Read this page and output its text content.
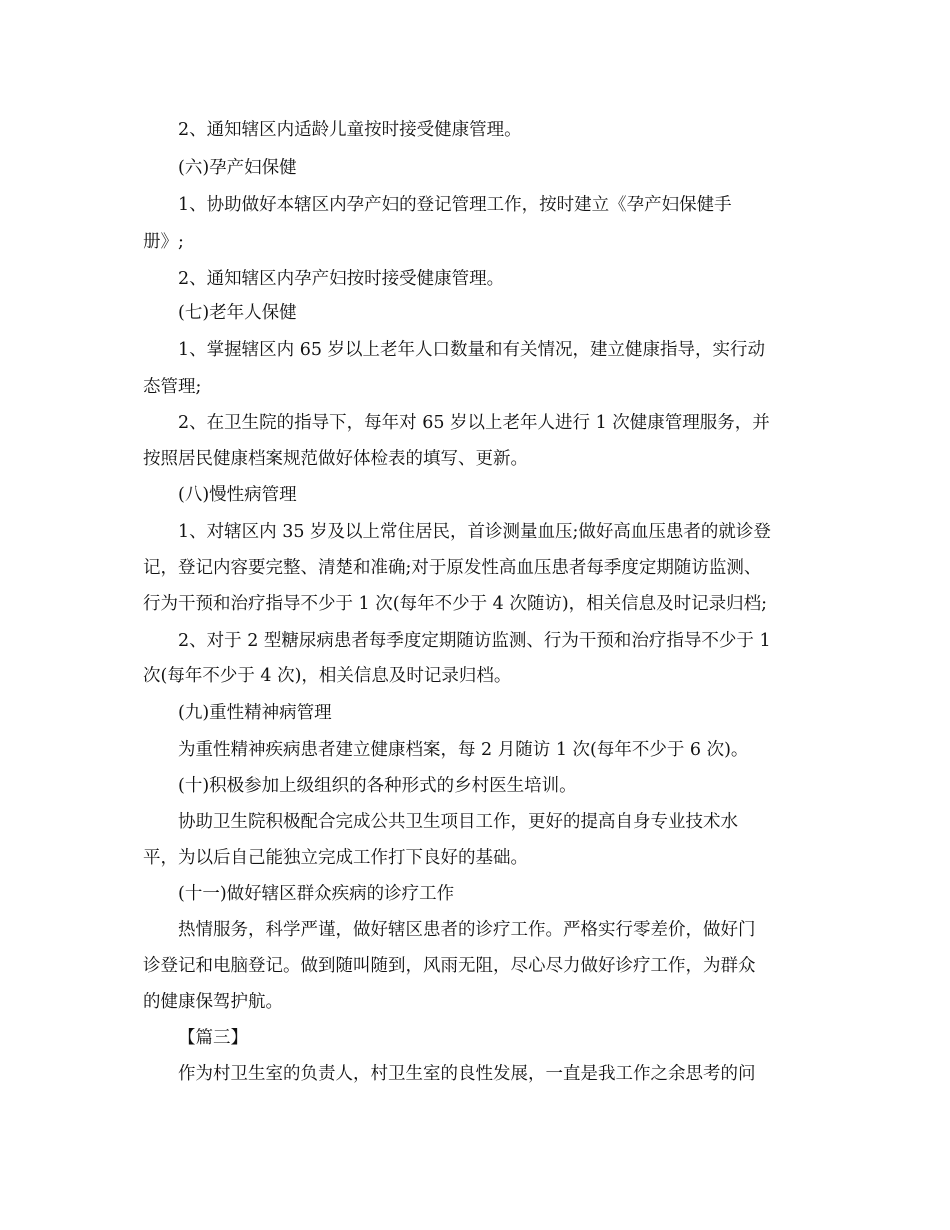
2、通知辖区内适龄儿童按时接受健康管理。
(六)孕产妇保健
1、协助做好本辖区内孕产妇的登记管理工作，按时建立《孕产妇保健手
册》;
2、通知辖区内孕产妇按时接受健康管理。
(七)老年人保健
1、掌握辖区内 65 岁以上老年人口数量和有关情况，建立健康指导，实行动
态管理;
2、在卫生院的指导下，每年对 65 岁以上老年人进行 1 次健康管理服务，并
按照居民健康档案规范做好体检表的填写、更新。
(八)慢性病管理
1、对辖区内 35 岁及以上常住居民，首诊测量血压;做好高血压患者的就诊登
记，登记内容要完整、清楚和准确;对于原发性高血压患者每季度定期随访监测、
行为干预和治疗指导不少于 1 次(每年不少于 4 次随访)，相关信息及时记录归档;
2、对于 2 型糖尿病患者每季度定期随访监测、行为干预和治疗指导不少于 1
次(每年不少于 4 次)，相关信息及时记录归档。
(九)重性精神病管理
为重性精神疾病患者建立健康档案，每 2 月随访 1 次(每年不少于 6 次)。
(十)积极参加上级组织的各种形式的乡村医生培训。
协助卫生院积极配合完成公共卫生项目工作，更好的提高自身专业技术水
平，为以后自己能独立完成工作打下良好的基础。
(十一)做好辖区群众疾病的诊疗工作
热情服务，科学严谨，做好辖区患者的诊疗工作。严格实行零差价，做好门
诊登记和电脑登记。做到随叫随到，风雨无阻，尽心尽力做好诊疗工作，为群众
的健康保驾护航。
【篇三】
作为村卫生室的负责人，村卫生室的良性发展，一直是我工作之余思考的问
